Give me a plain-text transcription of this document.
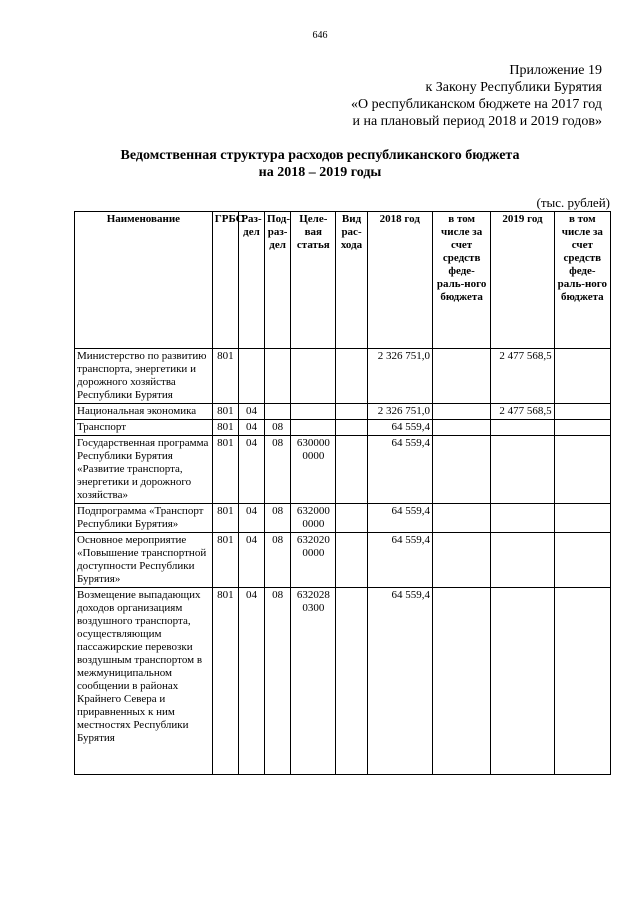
646
Приложение 19
к Закону Республики Бурятия
«О республиканском бюджете на 2017 год
и на плановый период 2018 и 2019 годов»
Ведомственная структура расходов республиканского бюджета
на 2018 – 2019 годы
(тыс. рублей)
Наименование	ГРБС	Раз-дел	Под-раз-дел	Целе-вая статья	Вид рас-хода	2018 год	в том числе за счет средств феде-раль-ного бюджета	2019 год	в том числе за счет средств феде-раль-ного бюджета
Министерство по развитию транспорта, энергетики и дорожного хозяйства Республики Бурятия	801					2 326 751,0		2 477 568,5	
Национальная экономика	801	04				2 326 751,0		2 477 568,5	
Транспорт	801	04	08			64 559,4			
Государственная программа Республики Бурятия «Развитие транспорта, энергетики и дорожного хозяйства»	801	04	08	630000 0000		64 559,4			
Подпрограмма «Транспорт Республики Бурятия»	801	04	08	632000 0000		64 559,4			
Основное мероприятие «Повышение транспортной доступности Республики Бурятия»	801	04	08	632020 0000		64 559,4			
Возмещение выпадающих доходов организациям воздушного транспорта, осуществляющим пассажирские перевозки воздушным транспортом в межмуниципальном сообщении в районах Крайнего Севера и приравненных к ним местностях Республики Бурятия	801	04	08	632028 0300		64 559,4			
